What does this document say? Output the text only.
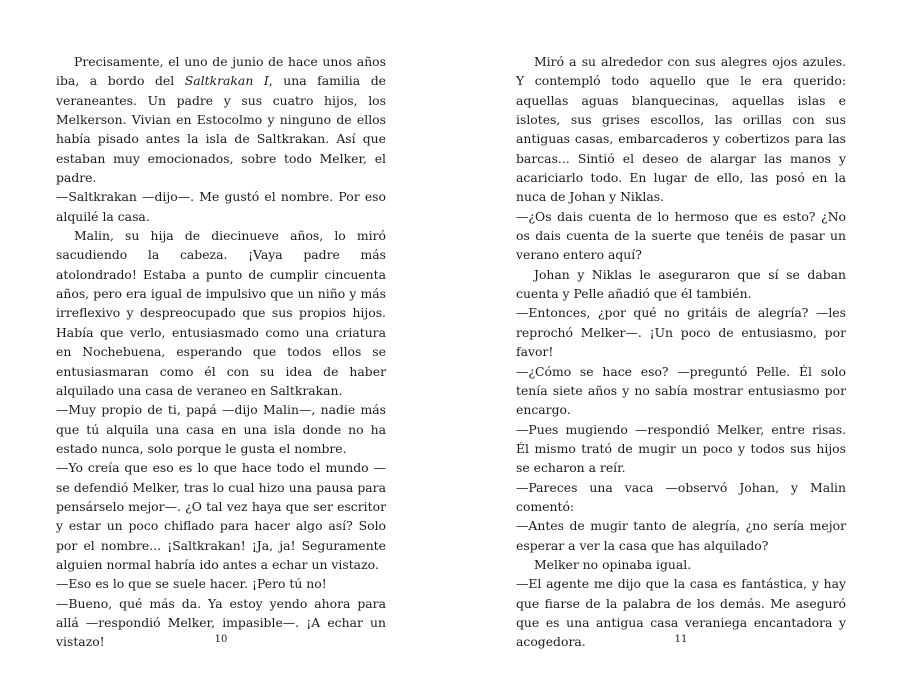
Precisamente, el uno de junio de hace unos años iba, a bordo del Saltkrakan I, una familia de veraneantes. Un padre y sus cuatro hijos, los Melkerson. Vivian en Estocolmo y ninguno de ellos había pisado antes la isla de Saltkrakan. Así que estaban muy emocionados, sobre todo Melker, el padre.

—Saltkrakan —dijo—. Me gustó el nombre. Por eso alquilé la casa.

Malin, su hija de diecinueve años, lo miró sacudiendo la cabeza. ¡Vaya padre más atolondrado! Estaba a punto de cumplir cincuenta años, pero era igual de impulsivo que un niño y más irreflexivo y despreocupado que sus propios hijos. Había que verlo, entusiasmado como una criatura en Nochebuena, esperando que todos ellos se entusiasmaran como él con su idea de haber alquilado una casa de veraneo en Saltkrakan.

—Muy propio de ti, papá —dijo Malin—, nadie más que tú alquila una casa en una isla donde no ha estado nunca, solo porque le gusta el nombre.

—Yo creía que eso es lo que hace todo el mundo —se defendió Melker, tras lo cual hizo una pausa para pensárselo mejor—. ¿O tal vez haya que ser escritor y estar un poco chiflado para hacer algo así? Solo por el nombre... ¡Saltkrakan! ¡Ja, ja! Seguramente alguien normal habría ido antes a echar un vistazo.

—Eso es lo que se suele hacer. ¡Pero tú no!

—Bueno, qué más da. Ya estoy yendo ahora para allá —respondió Melker, impasible—. ¡A echar un vistazo!	10

Miró a su alrededor con sus alegres ojos azules. Y contempló todo aquello que le era querido: aquellas aguas blanquecinas, aquellas islas e islotes, sus grises escollos, las orillas con sus antiguas casas, embarcaderos y cobertizos para las barcas... Sintió el deseo de alargar las manos y acariciarlo todo. En lugar de ello, las posó en la nuca de Johan y Niklas.

—¿Os dais cuenta de lo hermoso que es esto? ¿No os dais cuenta de la suerte que tenéis de pasar un verano entero aquí?

Johan y Niklas le aseguraron que sí se daban cuenta y Pelle añadió que él también.

—Entonces, ¿por qué no gritáis de alegría? —les reprochó Melker—. ¡Un poco de entusiasmo, por favor!

—¿Cómo se hace eso? —preguntó Pelle. Él solo tenía siete años y no sabía mostrar entusiasmo por encargo.

—Pues mugiendo —respondió Melker, entre risas. Él mismo trató de mugir un poco y todos sus hijos se echaron a reír.

—Pareces una vaca —observó Johan, y Malin comentó:

—Antes de mugir tanto de alegría, ¿no sería mejor esperar a ver la casa que has alquilado?

Melker no opinaba igual.

—El agente me dijo que la casa es fantástica, y hay que fiarse de la palabra de los demás. Me aseguró que es una antigua casa veraniega encantadora y acogedora.	11
